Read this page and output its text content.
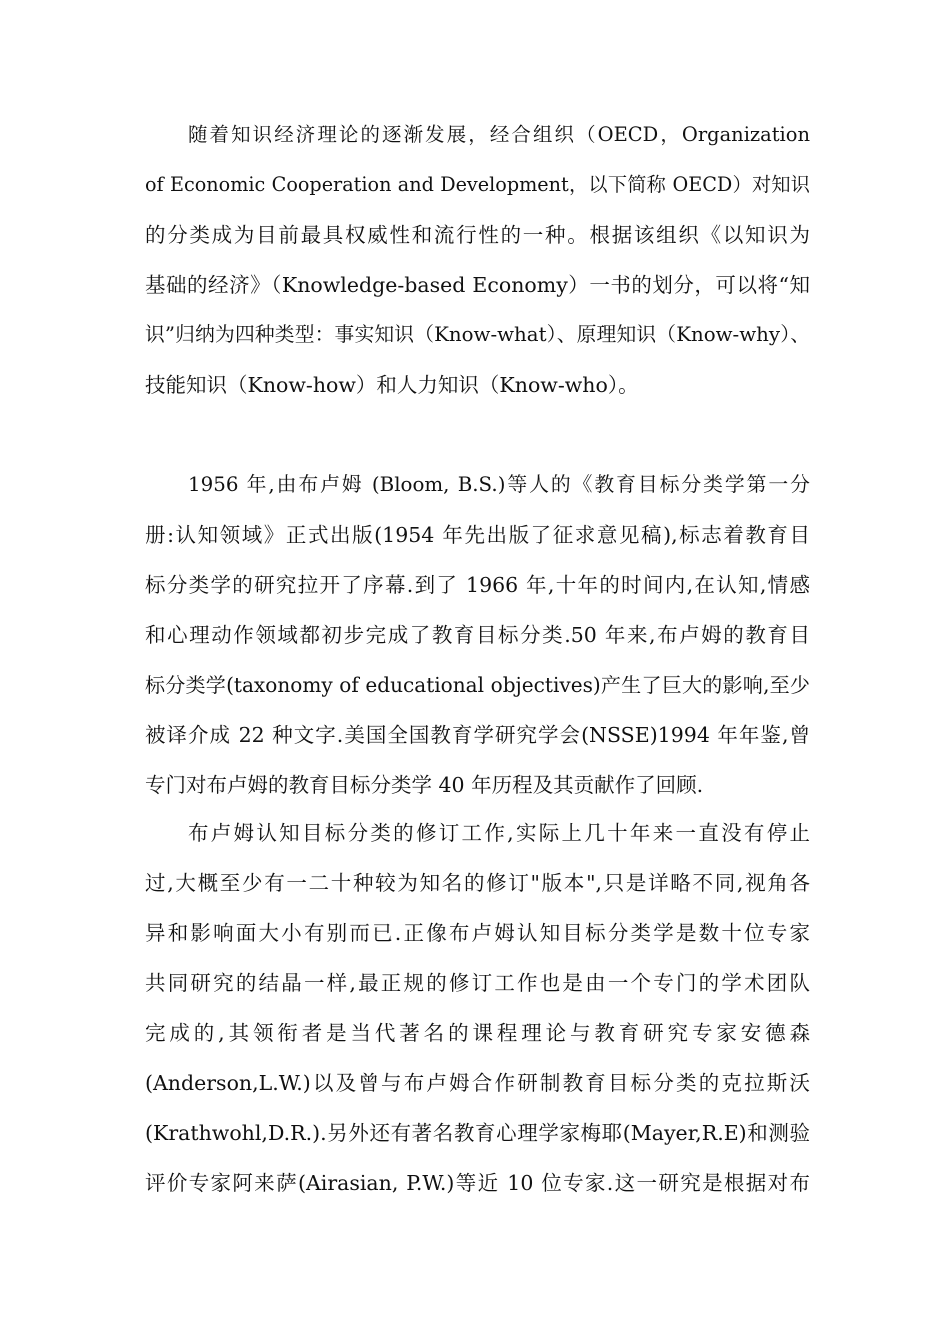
随着知识经济理论的逐渐发展，经合组织（OECD，Organization
of Economic Cooperation and Development，以下简称 OECD）对知识
的分类成为目前最具权威性和流行性的一种。根据该组织《以知识为
基础的经济》（Knowledge-based Economy）一书的划分，可以将“知
识”归纳为四种类型：事实知识（Know-what）、原理知识（Know-why）、
技能知识（Know-how）和人力知识（Know-who）。
1956 年,由布卢姆 (Bloom, B.S.)等人的《教育目标分类学第一分
册:认知领域》正式出版(1954 年先出版了征求意见稿),标志着教育目
标分类学的研究拉开了序幕.到了 1966 年,十年的时间内,在认知,情感
和心理动作领域都初步完成了教育目标分类.50 年来,布卢姆的教育目
标分类学(taxonomy of educational objectives)产生了巨大的影响,至少
被译介成 22 种文字.美国全国教育学研究学会(NSSE)1994 年年鉴,曾
专门对布卢姆的教育目标分类学 40 年历程及其贡献作了回顾.
布卢姆认知目标分类的修订工作,实际上几十年来一直没有停止
过,大概至少有一二十种较为知名的修订"版本",只是详略不同,视角各
异和影响面大小有别而已.正像布卢姆认知目标分类学是数十位专家
共同研究的结晶一样,最正规的修订工作也是由一个专门的学术团队
完成的,其领衔者是当代著名的课程理论与教育研究专家安德森
(Anderson,L.W.)以及曾与布卢姆合作研制教育目标分类的克拉斯沃
(Krathwohl,D.R.).另外还有著名教育心理学家梅耶(Mayer,R.E)和测验
评价专家阿来萨(Airasian, P.W.)等近 10 位专家.这一研究是根据对布
